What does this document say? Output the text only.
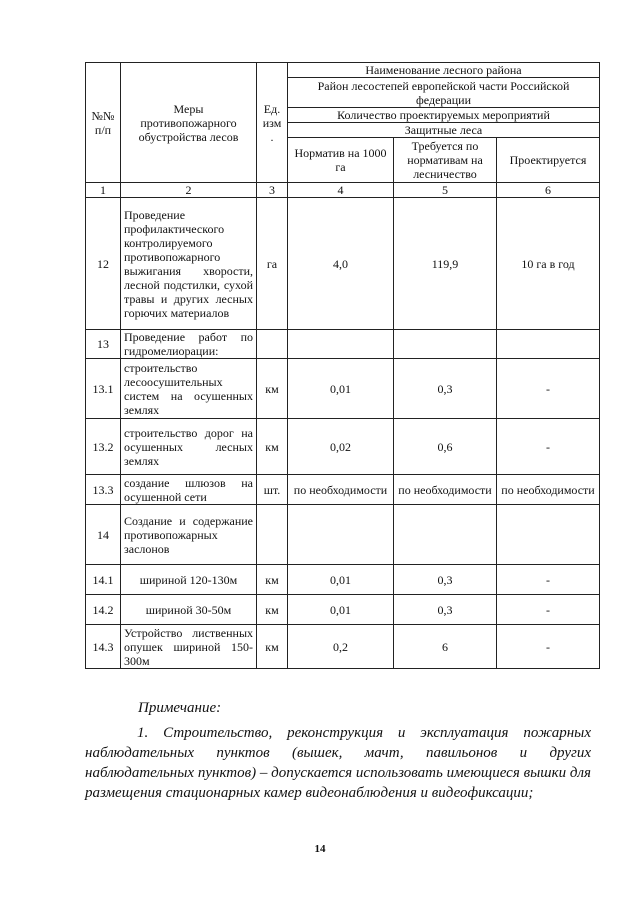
№№ п/п	Меры противопожарного обустройства лесов	Ед. изм .	Наименование лесного района		
			Район лесостепей европейской части Российской федерации		
			Количество проектируемых мероприятий		
			Защитные леса		
			Норматив на 1000 га	Требуется по нормативам на лесничество	Проектируется

1	2	3	4	5	6
12	Проведение профилактического контролируемого противопожарного выжигания хворости, лесной подстилки, сухой травы и других лесных горючих материалов	га	4,0	119,9	10 га в год
13	Проведение работ по гидромелиорации:				
13.1	строительство лесоосушительных систем на осушенных землях	км	0,01	0,3	-
13.2	строительство дорог на осушенных лесных землях	км	0,02	0,6	-
13.3	создание шлюзов на осушенной сети	шт.	по необходимости	по необходимости	по необходимости
14	Создание и содержание противопожарных заслонов				
14.1	шириной 120-130м	км	0,01	0,3	-
14.2	шириной 30-50м	км	0,01	0,3	-
14.3	Устройство лиственных опушек шириной 150-300м	км	0,2	6	-
Примечание:
1. Строительство, реконструкция и эксплуатация пожарных наблюдательных пунктов (вышек, мачт, павильонов и других наблюдательных пунктов) – допускается использовать имеющиеся вышки для размещения стационарных камер видеонаблюдения и видеофиксации;
14
